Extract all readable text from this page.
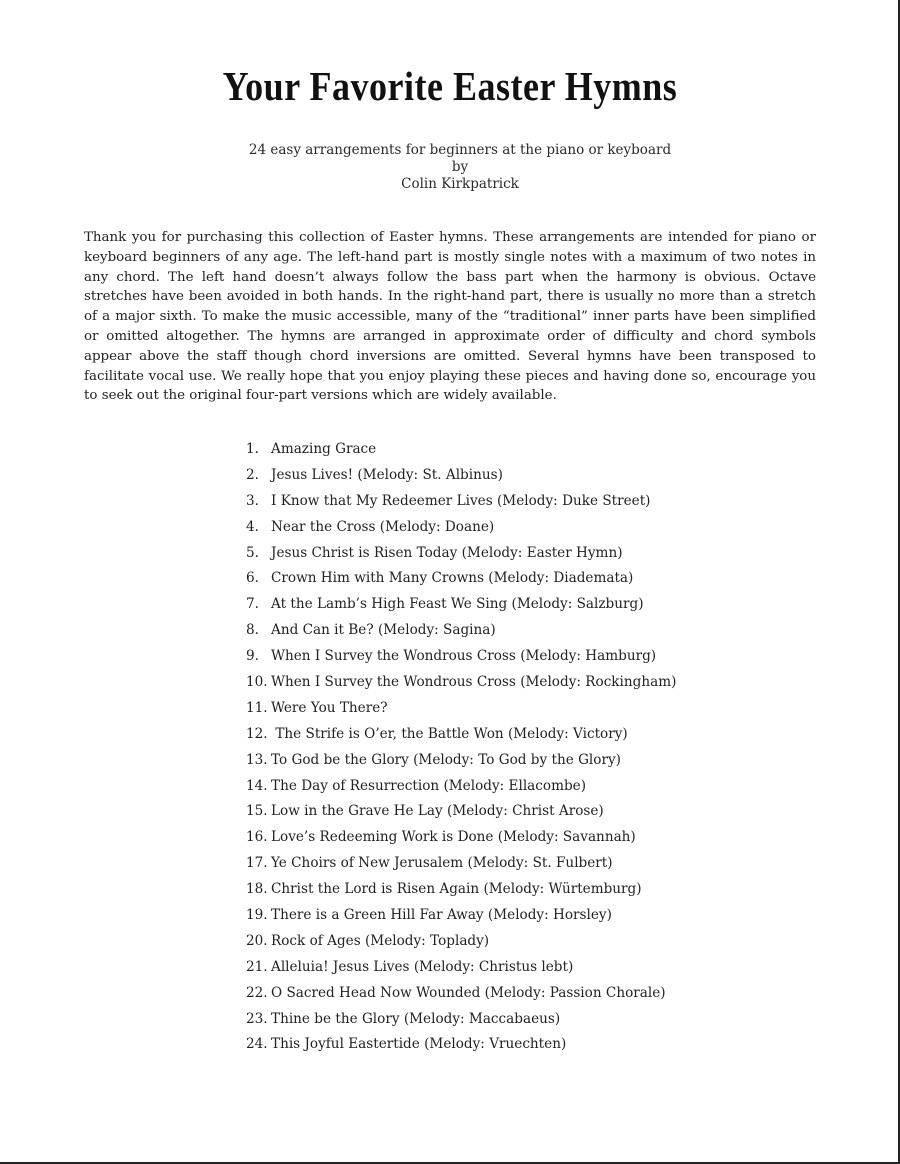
Your Favorite Easter Hymns
24 easy arrangements for beginners at the piano or keyboard
by
Colin Kirkpatrick
Thank you for purchasing this collection of Easter hymns. These arrangements are intended for piano or keyboard beginners of any age. The left-hand part is mostly single notes with a maximum of two notes in any chord. The left hand doesn’t always follow the bass part when the harmony is obvious. Octave stretches have been avoided in both hands. In the right-hand part, there is usually no more than a stretch of a major sixth. To make the music accessible, many of the “traditional” inner parts have been simplified or omitted altogether. The hymns are arranged in approximate order of difficulty and chord symbols appear above the staff though chord inversions are omitted. Several hymns have been transposed to facilitate vocal use. We really hope that you enjoy playing these pieces and having done so, encourage you to seek out the original four-part versions which are widely available.
1. Amazing Grace
2. Jesus Lives! (Melody: St. Albinus)
3. I Know that My Redeemer Lives (Melody: Duke Street)
4. Near the Cross (Melody: Doane)
5. Jesus Christ is Risen Today (Melody: Easter Hymn)
6. Crown Him with Many Crowns (Melody: Diademata)
7. At the Lamb’s High Feast We Sing (Melody: Salzburg)
8. And Can it Be? (Melody: Sagina)
9. When I Survey the Wondrous Cross (Melody: Hamburg)
10. When I Survey the Wondrous Cross (Melody: Rockingham)
11. Were You There?
12. The Strife is O’er, the Battle Won (Melody: Victory)
13. To God be the Glory (Melody: To God by the Glory)
14. The Day of Resurrection (Melody: Ellacombe)
15. Low in the Grave He Lay (Melody: Christ Arose)
16. Love’s Redeeming Work is Done (Melody: Savannah)
17. Ye Choirs of New Jerusalem (Melody: St. Fulbert)
18. Christ the Lord is Risen Again (Melody: Würtemburg)
19. There is a Green Hill Far Away (Melody: Horsley)
20. Rock of Ages (Melody: Toplady)
21. Alleluia! Jesus Lives (Melody: Christus lebt)
22. O Sacred Head Now Wounded (Melody: Passion Chorale)
23. Thine be the Glory (Melody: Maccabaeus)
24. This Joyful Eastertide (Melody: Vruechten)
